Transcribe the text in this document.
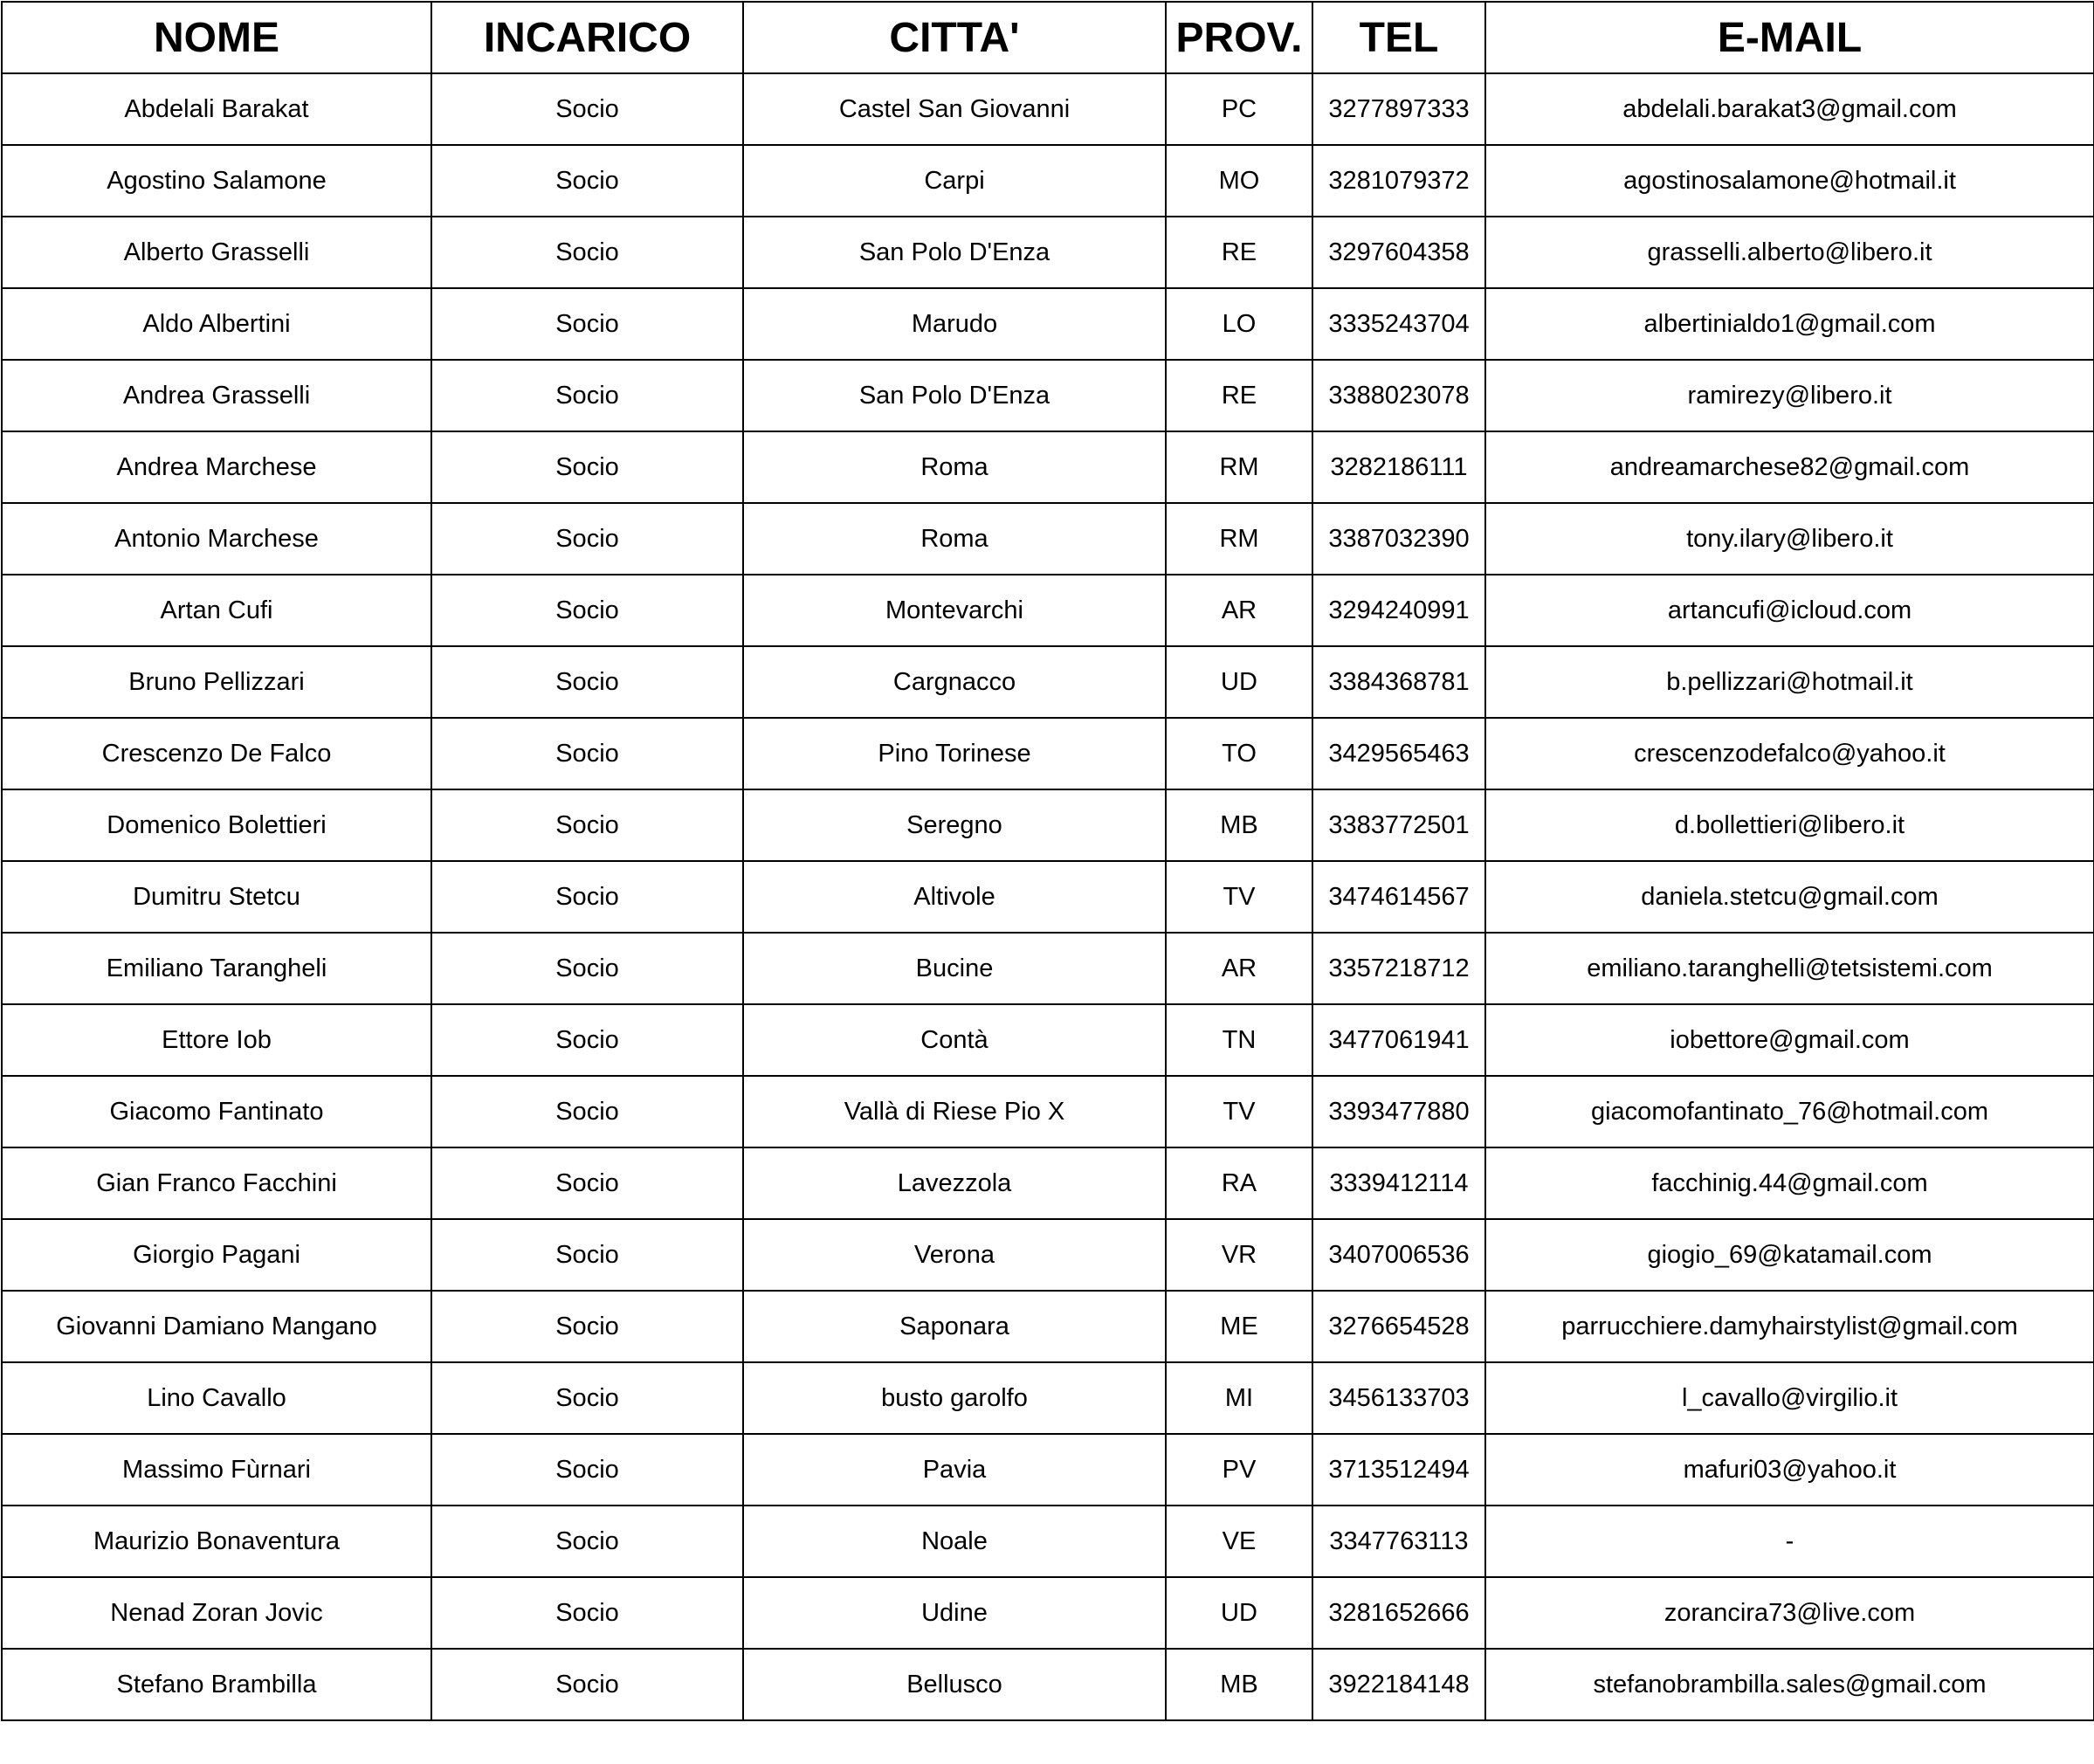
NOME	INCARICO	CITTA'	PROV.	TEL	E-MAIL
Abdelali Barakat	Socio	Castel San Giovanni	PC	3277897333	abdelali.barakat3@gmail.com
Agostino Salamone	Socio	Carpi	MO	3281079372	agostinosalamone@hotmail.it
Alberto Grasselli	Socio	San Polo D'Enza	RE	3297604358	grasselli.alberto@libero.it
Aldo Albertini	Socio	Marudo	LO	3335243704	albertinialdo1@gmail.com
Andrea Grasselli	Socio	San Polo D'Enza	RE	3388023078	ramirezy@libero.it
Andrea Marchese	Socio	Roma	RM	3282186111	andreamarchese82@gmail.com
Antonio Marchese	Socio	Roma	RM	3387032390	tony.ilary@libero.it
Artan Cufi	Socio	Montevarchi	AR	3294240991	artancufi@icloud.com
Bruno Pellizzari	Socio	Cargnacco	UD	3384368781	b.pellizzari@hotmail.it
Crescenzo De Falco	Socio	Pino Torinese	TO	3429565463	crescenzodefalco@yahoo.it
Domenico Bolettieri	Socio	Seregno	MB	3383772501	d.bollettieri@libero.it
Dumitru Stetcu	Socio	Altivole	TV	3474614567	daniela.stetcu@gmail.com
Emiliano Tarangheli	Socio	Bucine	AR	3357218712	emiliano.taranghelli@tetsistemi.com
Ettore Iob	Socio	Contà	TN	3477061941	iobettore@gmail.com
Giacomo Fantinato	Socio	Vallà di Riese Pio X	TV	3393477880	giacomofantinato_76@hotmail.com
Gian Franco Facchini	Socio	Lavezzola	RA	3339412114	facchinig.44@gmail.com
Giorgio Pagani	Socio	Verona	VR	3407006536	giogio_69@katamail.com
Giovanni Damiano Mangano	Socio	Saponara	ME	3276654528	parrucchiere.damyhairstylist@gmail.com
Lino Cavallo	Socio	busto garolfo	MI	3456133703	l_cavallo@virgilio.it
Massimo Fùrnari	Socio	Pavia	PV	3713512494	mafuri03@yahoo.it
Maurizio Bonaventura	Socio	Noale	VE	3347763113	-
Nenad Zoran Jovic	Socio	Udine	UD	3281652666	zorancira73@live.com
Stefano Brambilla	Socio	Bellusco	MB	3922184148	stefanobrambilla.sales@gmail.com
